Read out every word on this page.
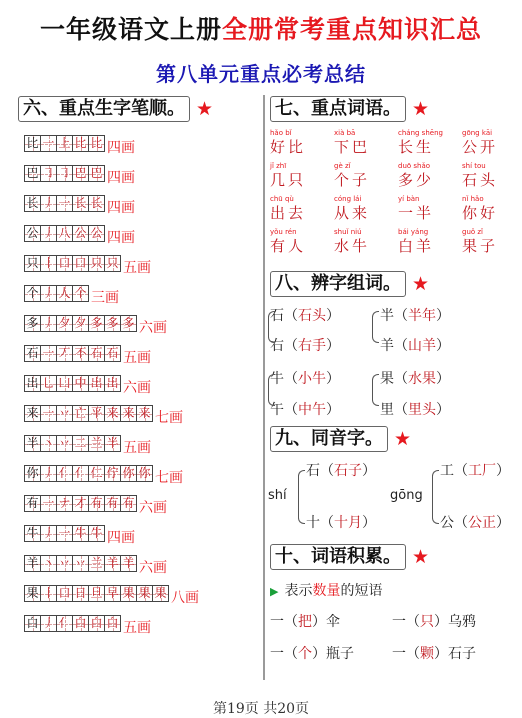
一年级语文上册全册常考重点知识汇总
第八单元重点必考总结
六、重点生字笔顺。 ★
比 一 上 比 比 四画
巴 ㇆ ㇆ 巴 巴 四画
长 丿 一 长 长 四画
公 丿 八 公 公 四画
只 丨 口 口 只 只 五画
个 丿 人 个 三画
多 丿 夕 夕 多 多 多 六画
石 一 丆 不 石 石 五画
出 乚 凵 中 出 出 六画
来 一 丷 亡 平 来 来 来 七画
半 丶 丷 二 兰 半 五画
你 丿 亻 亻 仁 佇 你 你 七画
有 一 ナ 才 有 有 有 六画
牛 丿 一 牛 牛 四画
羊 丶 丷 丷 兰 羊 羊 六画
果 丨 口 日 旦 早 果 果 果 八画
白 丿 亻 白 白 白 五画
七、重点词语。 ★
hǎo bǐ
好比
xià bā
下巴
cháng shēng
长生
gōng kāi
公开
jǐ zhī
几只
gè zǐ
个子
duō shǎo
多少
shí tou
石头
chū qù
出去
cóng lái
从来
yí bàn
一半
nǐ hǎo
你好
yǒu rén
有人
shuǐ niú
水牛
bái yáng
白羊
guǒ zǐ
果子
八、辨字组词。 ★
石（石头）
右（右手）
半（半年）
羊（山羊）
牛（小牛）
午（中午）
果（水果）
里（里头）
九、同音字。 ★
shí
石（石子）
十（十月）
gōng
工（工厂）
公（公正）
十、词语积累。 ★
▶ 表示数量的短语
一（把）伞	一（只）乌鸦
一（个）瓶子	一（颗）石子
第19页 共20页
